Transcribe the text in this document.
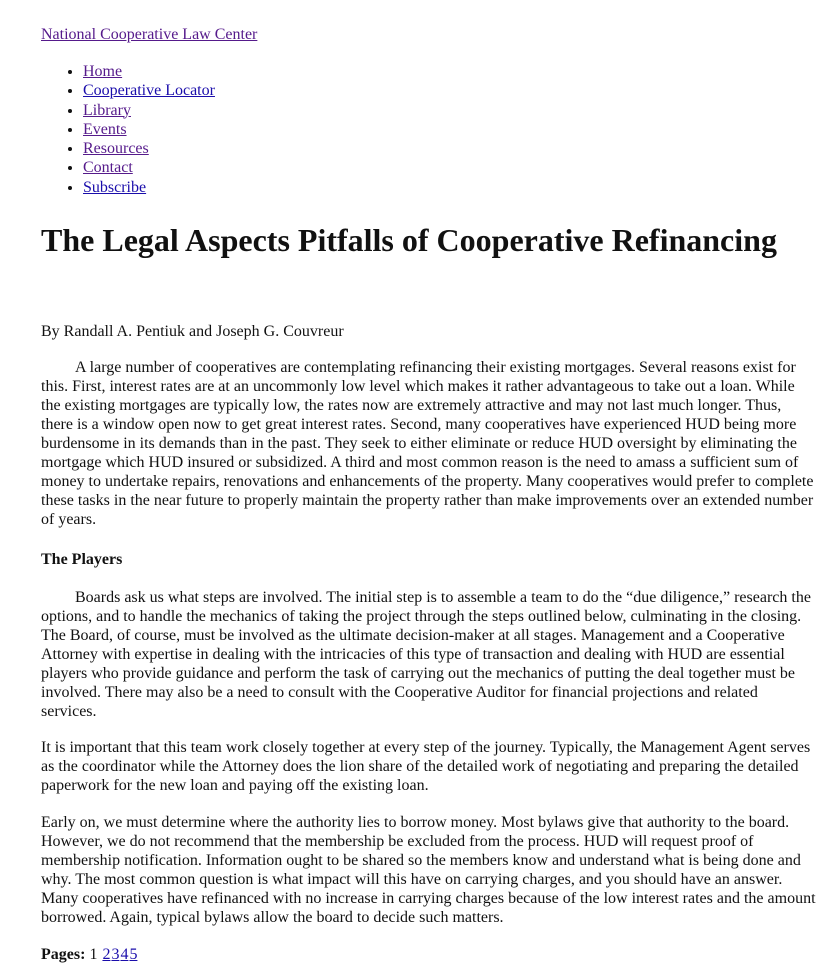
National Cooperative Law Center
• Home
• Cooperative Locator
• Library
• Events
• Resources
• Contact
• Subscribe
The Legal Aspects Pitfalls of Cooperative Refinancing

By Randall A. Pentiuk and Joseph G. Couvreur

A large number of cooperatives are contemplating refinancing their existing mortgages. Several reasons exist for this. First, interest rates are at an uncommonly low level which makes it rather advantageous to take out a loan. While the existing mortgages are typically low, the rates now are extremely attractive and may not last much longer. Thus, there is a window open now to get great interest rates. Second, many cooperatives have experienced HUD being more burdensome in its demands than in the past. They seek to either eliminate or reduce HUD oversight by eliminating the mortgage which HUD insured or subsidized. A third and most common reason is the need to amass a sufficient sum of money to undertake repairs, renovations and enhancements of the property. Many cooperatives would prefer to complete these tasks in the near future to properly maintain the property rather than make improvements over an extended number of years.

The Players

Boards ask us what steps are involved. The initial step is to assemble a team to do the “due diligence,” research the options, and to handle the mechanics of taking the project through the steps outlined below, culminating in the closing. The Board, of course, must be involved as the ultimate decision-maker at all stages. Management and a Cooperative Attorney with expertise in dealing with the intricacies of this type of transaction and dealing with HUD are essential players who provide guidance and perform the task of carrying out the mechanics of putting the deal together must be involved. There may also be a need to consult with the Cooperative Auditor for financial projections and related services.

It is important that this team work closely together at every step of the journey. Typically, the Management Agent serves as the coordinator while the Attorney does the lion share of the detailed work of negotiating and preparing the detailed paperwork for the new loan and paying off the existing loan.

Early on, we must determine where the authority lies to borrow money. Most bylaws give that authority to the board. However, we do not recommend that the membership be excluded from the process. HUD will request proof of membership notification. Information ought to be shared so the members know and understand what is being done and why. The most common question is what impact will this have on carrying charges, and you should have an answer. Many cooperatives have refinanced with no increase in carrying charges because of the low interest rates and the amount borrowed. Again, typical bylaws allow the board to decide such matters.

Pages: 1 2345
